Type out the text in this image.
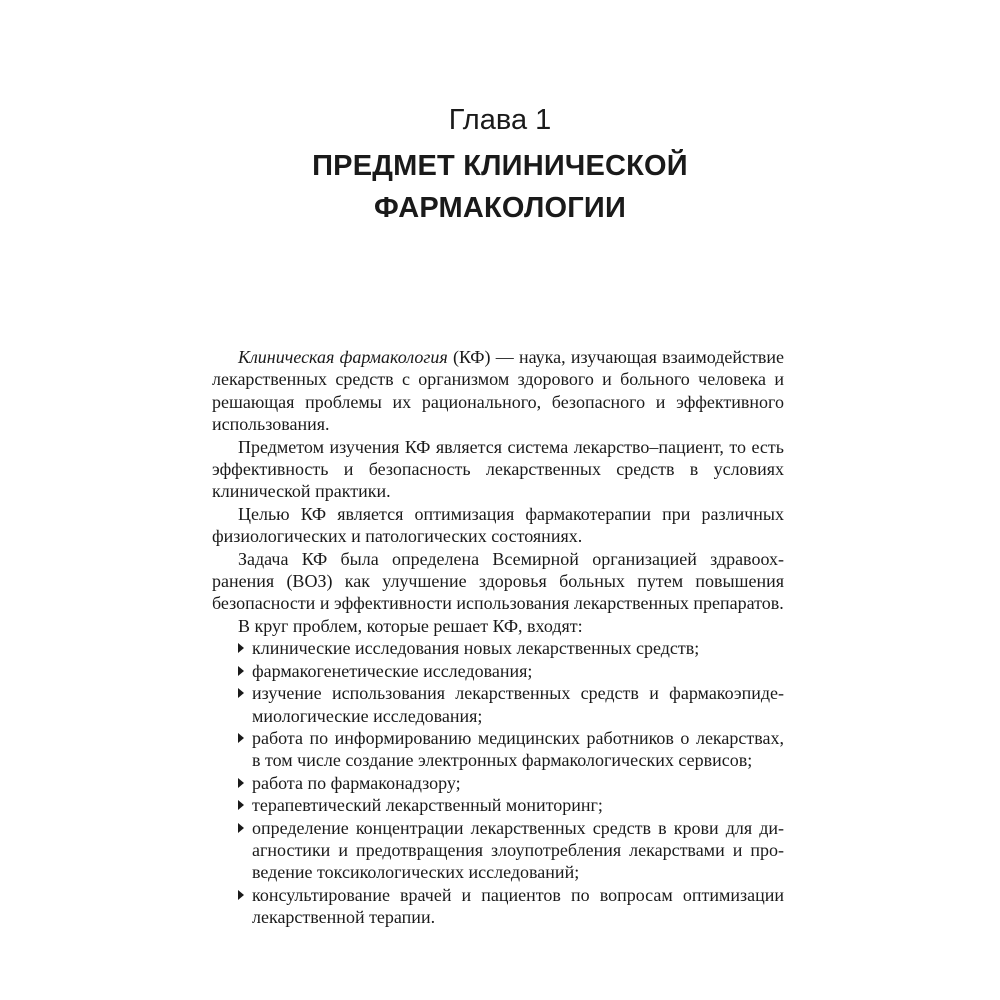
Глава 1
ПРЕДМЕТ КЛИНИЧЕСКОЙ
ФАРМАКОЛОГИИ

Клиническая фармакология (КФ) — наука, изучающая взаимодействие лекарственных средств с организмом здорового и больного человека и решающая проблемы их рационального, безопасного и эффективного использования.

Предметом изучения КФ является система лекарство–пациент, то есть эффективность и безопасность лекарственных средств в условиях клинической практики.

Целью КФ является оптимизация фармакотерапии при различных физиологических и патологических состояниях.

Задача КФ была определена Всемирной организацией здравоохранения (ВОЗ) как улучшение здоровья больных путем повышения безопасности и эффективности использования лекарственных препаратов.

В круг проблем, которые решает КФ, входят:

клинические исследования новых лекарственных средств;
фармакогенетические исследования;
изучение использования лекарственных средств и фармакоэпидемиологические исследования;
работа по информированию медицинских работников о лекарствах, в том числе создание электронных фармакологических сервисов;
работа по фармаконадзору;
терапевтический лекарственный мониторинг;
определение концентрации лекарственных средств в крови для диагностики и предотвращения злоупотребления лекарствами и проведение токсикологических исследований;
консультирование врачей и пациентов по вопросам оптимизации лекарственной терапии.
